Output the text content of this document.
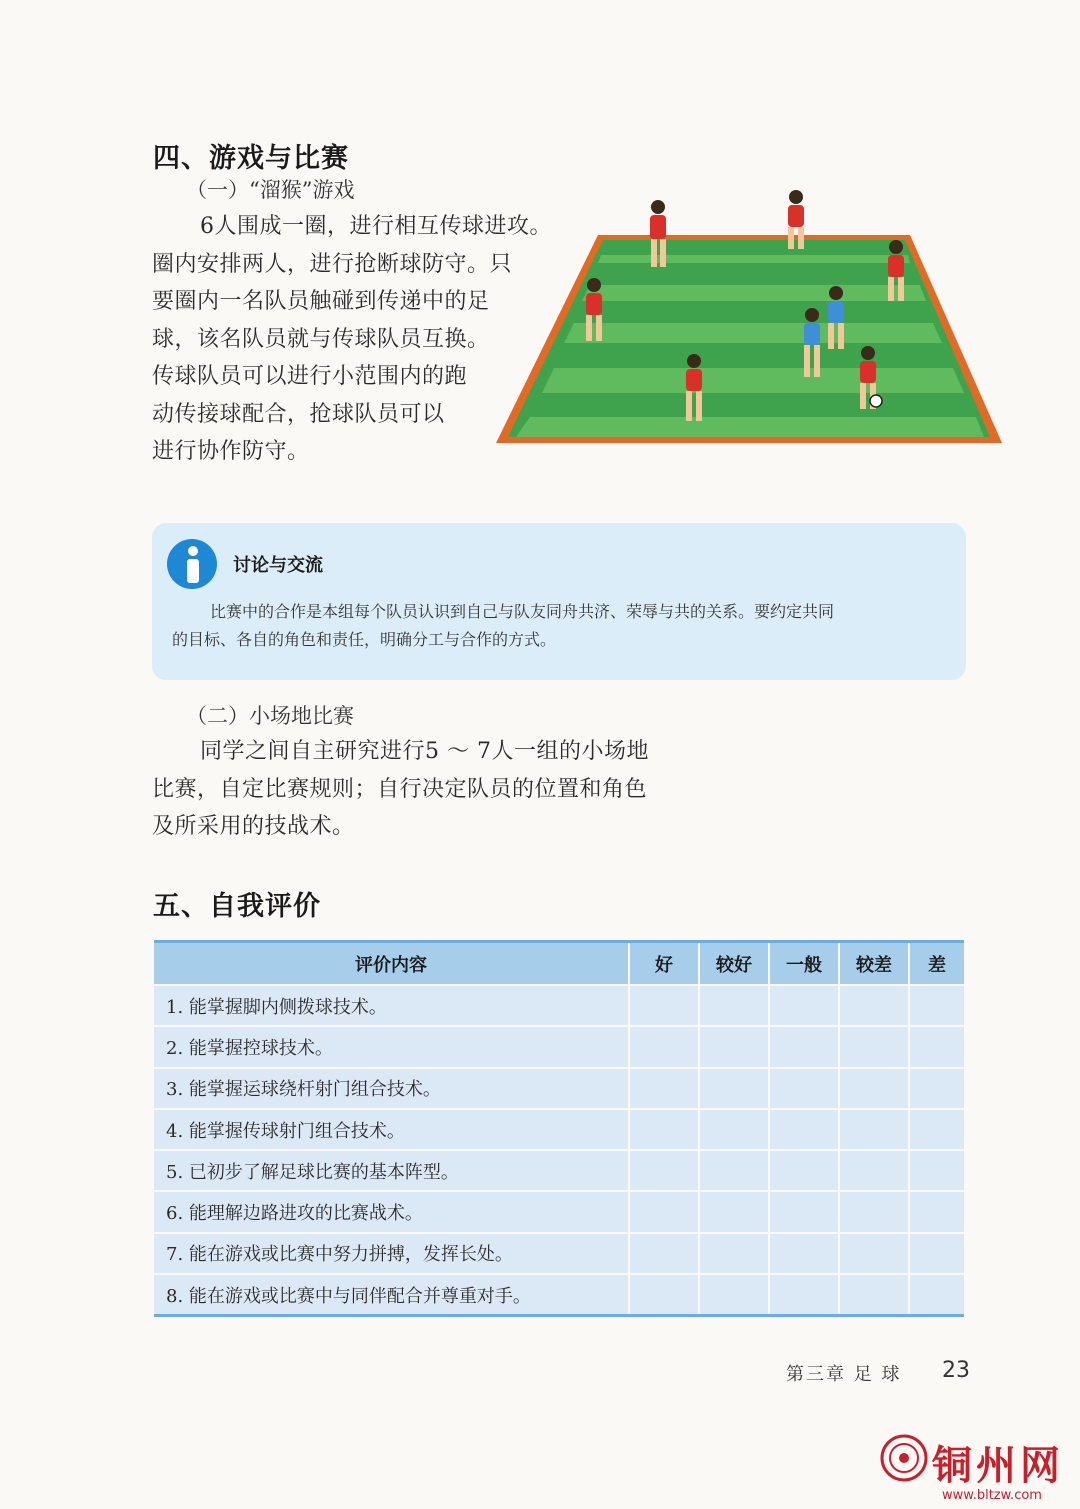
四、游戏与比赛
（一）“溜猴”游戏
6人围成一圈，进行相互传球进攻。
圈内安排两人，进行抢断球防守。只
要圈内一名队员触碰到传递中的足
球，该名队员就与传球队员互换。
传球队员可以进行小范围内的跑
动传接球配合，抢球队员可以
进行协作防守。
讨论与交流
比赛中的合作是本组每个队员认识到自己与队友同舟共济、荣辱与共的关系。要约定共同
的目标、各自的角色和责任，明确分工与合作的方式。
（二）小场地比赛
同学之间自主研究进行5 ～ 7人一组的小场地
比赛，自定比赛规则；自行决定队员的位置和角色
及所采用的技战术。
五、自我评价
评价内容	好	较好	一般	较差	差
1. 能掌握脚内侧拨球技术。					
2. 能掌握控球技术。					
3. 能掌握运球绕杆射门组合技术。					
4. 能掌握传球射门组合技术。					
5. 已初步了解足球比赛的基本阵型。					
6. 能理解边路进攻的比赛战术。					
7. 能在游戏或比赛中努力拼搏，发挥长处。					
8. 能在游戏或比赛中与同伴配合并尊重对手。					
第三章 足 球 23
铜州网
www.bltzw.com
